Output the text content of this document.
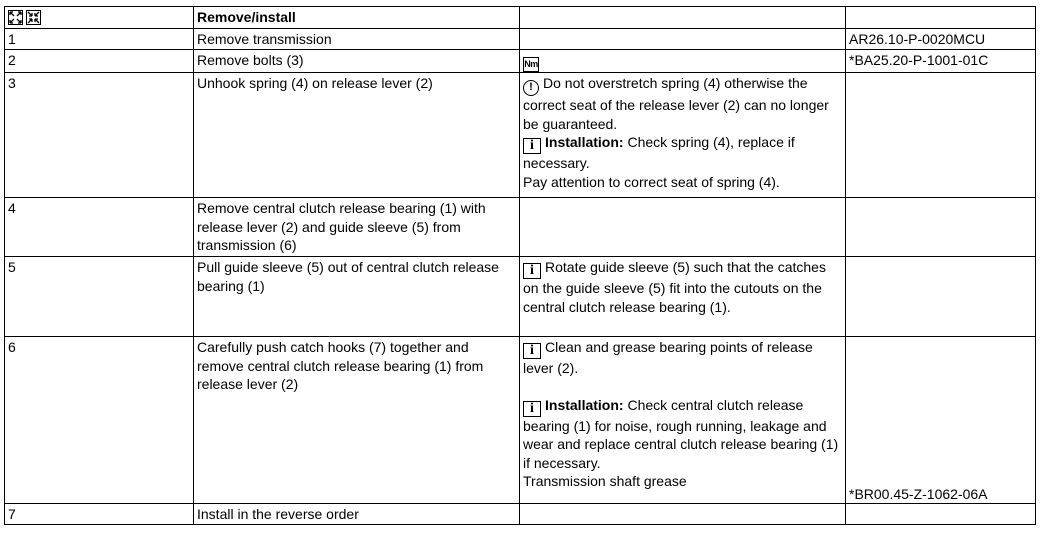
	Remove/install		
1	Remove transmission		AR26.10-P-0020MCU
2	Remove bolts (3)	Nm	*BA25.20-P-1001-01C
3	Unhook spring (4) on release lever (2)	! Do not overstretch spring (4) otherwise the correct seat of the release lever (2) can no longer be guaranteed.
i Installation: Check spring (4), replace if necessary.
Pay attention to correct seat of spring (4).	
4	Remove central clutch release bearing (1) with release lever (2) and guide sleeve (5) from transmission (6)		
5	Pull guide sleeve (5) out of central clutch release bearing (1)	i Rotate guide sleeve (5) such that the catches on the guide sleeve (5) fit into the cutouts on the central clutch release bearing (1).	
6	Carefully push catch hooks (7) together and remove central clutch release bearing (1) from release lever (2)	i Clean and grease bearing points of release lever (2).
i Installation: Check central clutch release bearing (1) for noise, rough running, leakage and wear and replace central clutch release bearing (1) if necessary.
Transmission shaft grease	*BR00.45-Z-1062-06A
7	Install in the reverse order		
